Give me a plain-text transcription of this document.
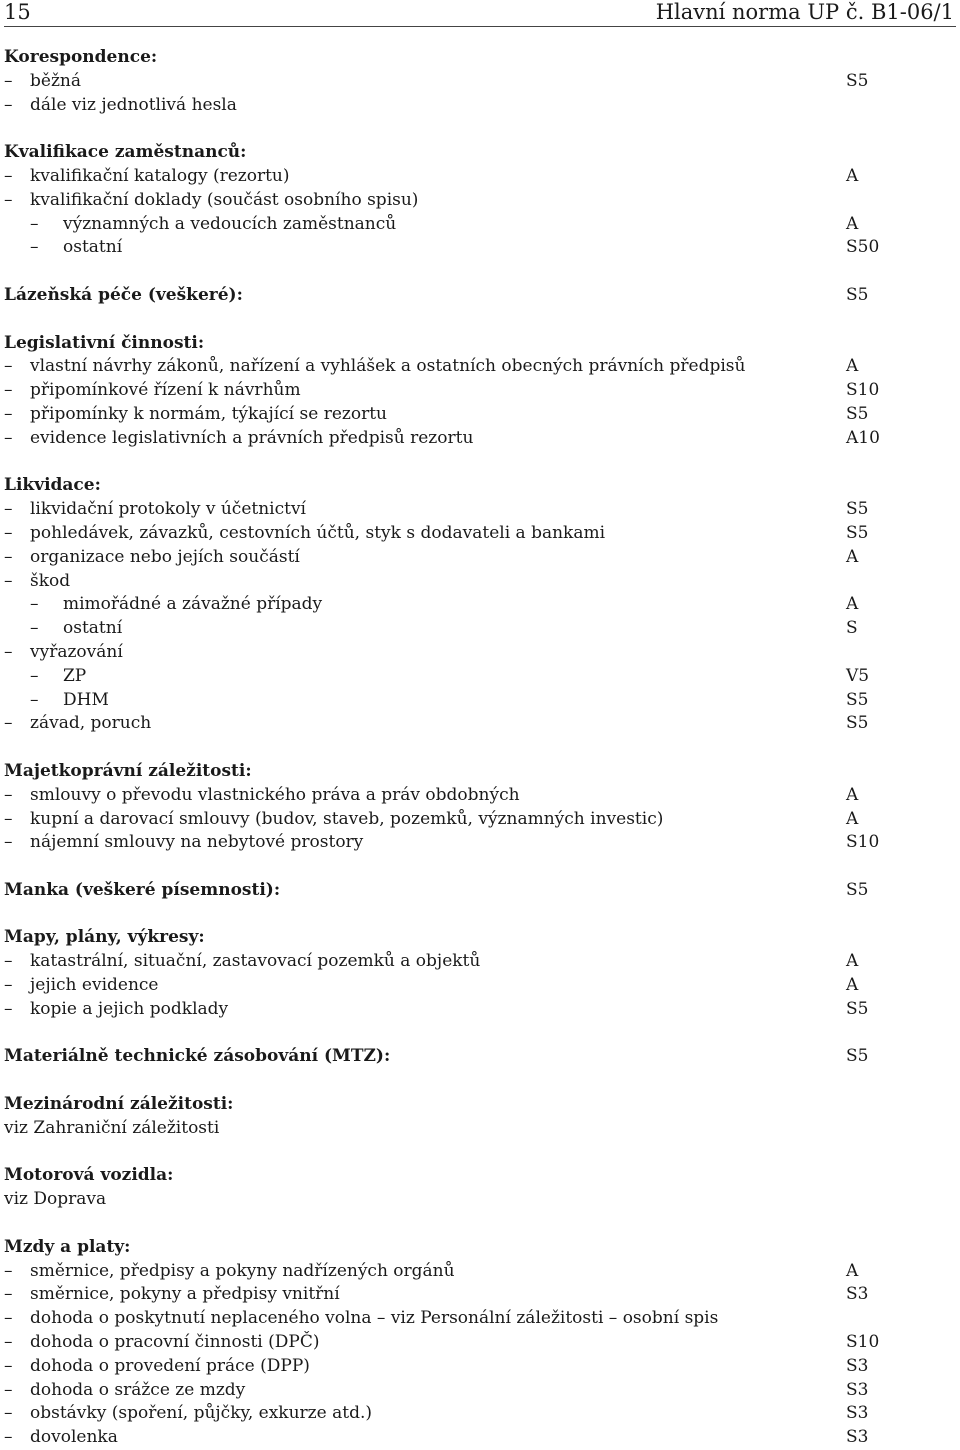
15	Hlavní norma UP č. B1-06/1
Korespondence:
– běžná	S5
– dále viz jednotlivá hesla
Kvalifikace zaměstnanců:
– kvalifikační katalogy (rezortu)	A
– kvalifikační doklady (součást osobního spisu)
– významných a vedoucích zaměstnanců	A
– ostatní	S50
Lázeňská péče (veškeré):	S5
Legislativní činnosti:
– vlastní návrhy zákonů, nařízení a vyhlášek a ostatních obecných právních předpisů	A
– připomínkové řízení k návrhům	S10
– připomínky k normám, týkající se rezortu	S5
– evidence legislativních a právních předpisů rezortu	A10
Likvidace:
– likvidační protokoly v účetnictví	S5
– pohledávek, závazků, cestovních účtů, styk s dodavateli a bankami	S5
– organizace nebo jejích součástí	A
– škod
– mimořádné a závažné případy	A
– ostatní	S
– vyřazování
– ZP	V5
– DHM	S5
– závad, poruch	S5
Majetkoprávní záležitosti:
– smlouvy o převodu vlastnického práva a práv obdobných	A
– kupní a darovací smlouvy (budov, staveb, pozemků, významných investic)	A
– nájemní smlouvy na nebytové prostory	S10
Manka (veškeré písemnosti):	S5
Mapy, plány, výkresy:
– katastrální, situační, zastavovací pozemků a objektů	A
– jejich evidence	A
– kopie a jejich podklady	S5
Materiálně technické zásobování (MTZ):	S5
Mezinárodní záležitosti:
viz Zahraniční záležitosti
Motorová vozidla:
viz Doprava
Mzdy a platy:
– směrnice, předpisy a pokyny nadřízených orgánů	A
– směrnice, pokyny a předpisy vnitřní	S3
– dohoda o poskytnutí neplaceného volna – viz Personální záležitosti – osobní spis
– dohoda o pracovní činnosti (DPČ)	S10
– dohoda o provedení práce (DPP)	S3
– dohoda o srážce ze mzdy	S3
– obstávky (spoření, půjčky, exkurze atd.)	S3
– dovolenka	S3
